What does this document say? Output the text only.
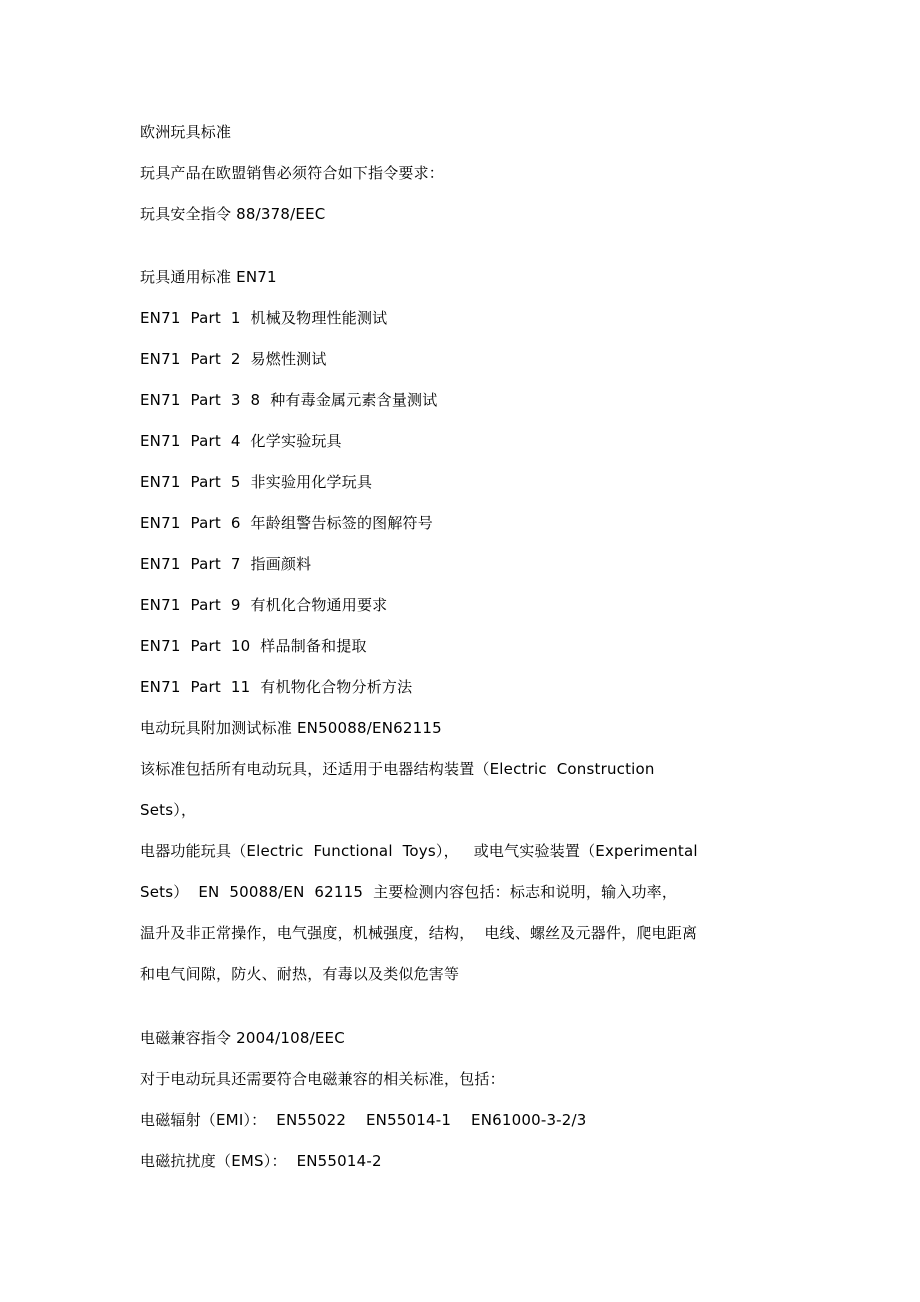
欧洲玩具标准
玩具产品在欧盟销售必须符合如下指令要求：
玩具安全指令 88/378/EEC
玩具通用标准 EN71
EN71  Part  1  机械及物理性能测试
EN71  Part  2  易燃性测试
EN71  Part  3  8  种有毒金属元素含量测试
EN71  Part  4  化学实验玩具
EN71  Part  5  非实验用化学玩具
EN71  Part  6  年龄组警告标签的图解符号
EN71  Part  7  指画颜料
EN71  Part  9  有机化合物通用要求
EN71  Part  10  样品制备和提取
EN71  Part  11  有机物化合物分析方法
电动玩具附加测试标准 EN50088/EN62115
该标准包括所有电动玩具，还适用于电器结构装置（Electric  Construction
Sets），
电器功能玩具（Electric  Functional  Toys），   或电气实验装置（Experimental
Sets）  EN  50088/EN  62115  主要检测内容包括：标志和说明，输入功率，
温升及非正常操作，电气强度，机械强度，结构，  电线、螺丝及元器件，爬电距离
和电气间隙，防火、耐热，有毒以及类似危害等
电磁兼容指令 2004/108/EEC
对于电动玩具还需要符合电磁兼容的相关标准，包括：
电磁辐射（EMI）：  EN55022    EN55014-1    EN61000-3-2/3
电磁抗扰度（EMS）：  EN55014-2
